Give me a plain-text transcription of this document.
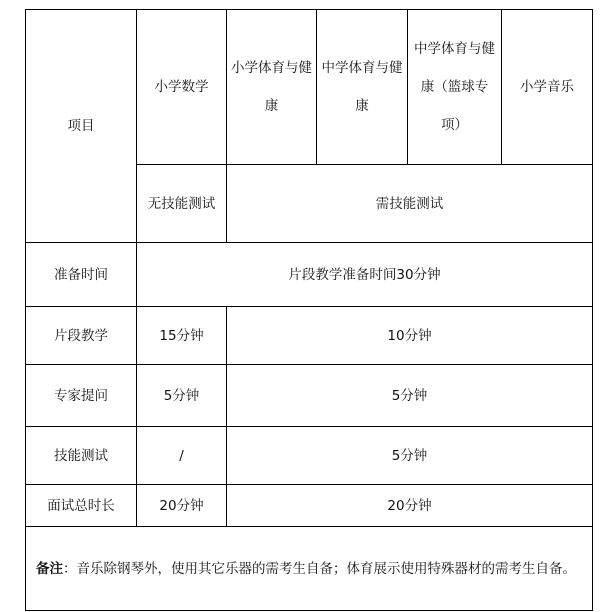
项目	小学数学	小学体育与健康	中学体育与健康	中学体育与健康（篮球专项）	小学音乐
	无技能测试	需技能测试			
准备时间	片段教学准备时间30分钟				
片段教学	15分钟	10分钟			
专家提问	5分钟	5分钟			
技能测试	/	5分钟			
面试总时长	20分钟	20分钟			
备注：音乐除钢琴外，使用其它乐器的需考生自备；体育展示使用特殊器材的需考生自备。					
